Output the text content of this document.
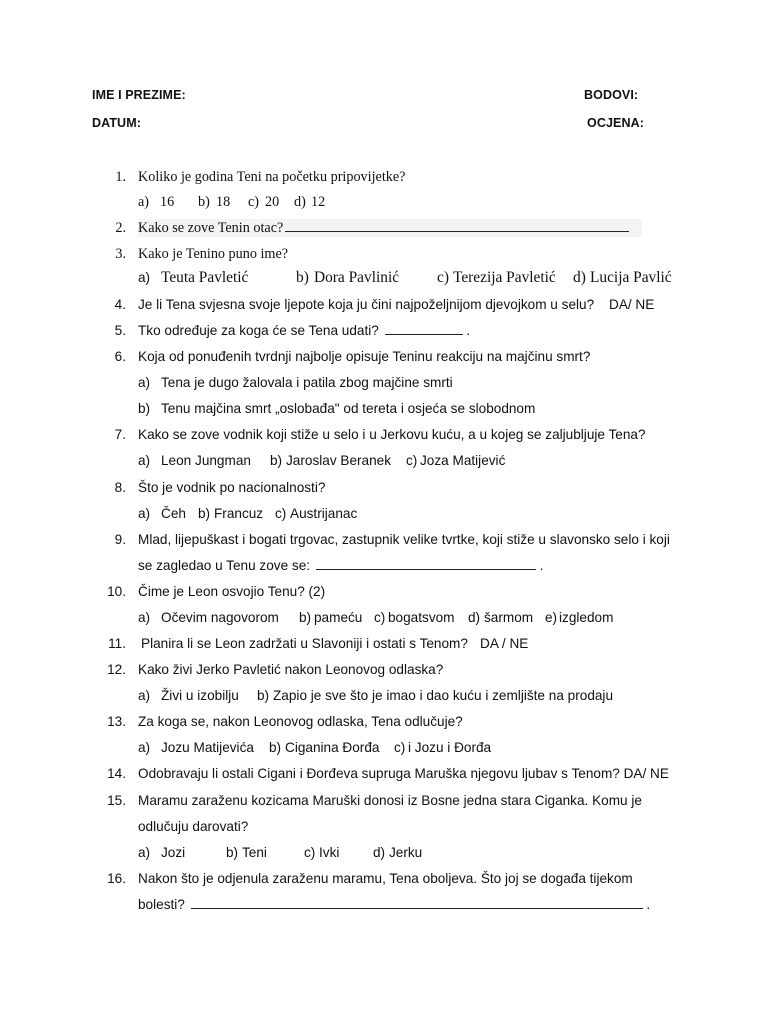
IME I PREZIME:	BODOVI:
DATUM:	OCJENA:
1. Koliko je godina Teni na početku pripovijetke?
a) 16 b) 18 c) 20 d) 12
2. Kako se zove Tenin otac?
3. Kako je Tenino puno ime?
a) Teuta Pavletić	b) Dora Pavlinić c) Terezija Pavletić d) Lucija Pavlić
4. Je li Tena svjesna svoje ljepote koja ju čini najpoželjnijom djevojkom u selu? DA/ NE
5. Tko određuje za koga će se Tena udati?	.
6. Koja od ponuđenih tvrdnji najbolje opisuje Teninu reakciju na majčinu smrt?
a) Tena je dugo žalovala i patila zbog majčine smrti
b) Tenu majčina smrt „oslobađa" od tereta i osjeća se slobodnom
7. Kako se zove vodnik koji stiže u selo i u Jerkovu kuću, a u kojeg se zaljubljuje Tena?
a) Leon Jungman b) Jaroslav Beranek c) Joza Matijević
8. Što je vodnik po nacionalnosti?
a) Čeh b) Francuz c) Austrijanac
9. Mlad, lijepuškast i bogati trgovac, zastupnik velike tvrtke, koji stiže u slavonsko selo i koji
se zagledao u Tenu zove se:	.
10. Čime je Leon osvojio Tenu? (2)
a) Očevim nagovorom b) pameću c) bogatsvom d) šarmom e) izgledom
11. Planira li se Leon zadržati u Slavoniji i ostati s Tenom? DA / NE
12. Kako živi Jerko Pavletić nakon Leonovog odlaska?
a) Živi u izobilju b) Zapio je sve što je imao i dao kuću i zemljište na prodaju
13. Za koga se, nakon Leonovog odlaska, Tena odlučuje?
a) Jozu Matijevića b) Ciganina Đorđa c) i Jozu i Đorđa
14. Odobravaju li ostali Cigani i Đorđeva supruga Maruška njegovu ljubav s Tenom? DA/ NE
15. Maramu zaraženu kozicama Maruški donosi iz Bosne jedna stara Ciganka. Komu je
odlučuju darovati?
a) Jozi	b) Teni	c) Ivki d) Jerku
16. Nakon što je odjenula zaraženu maramu, Tena oboljeva. Što joj se događa tijekom
bolesti?	.
